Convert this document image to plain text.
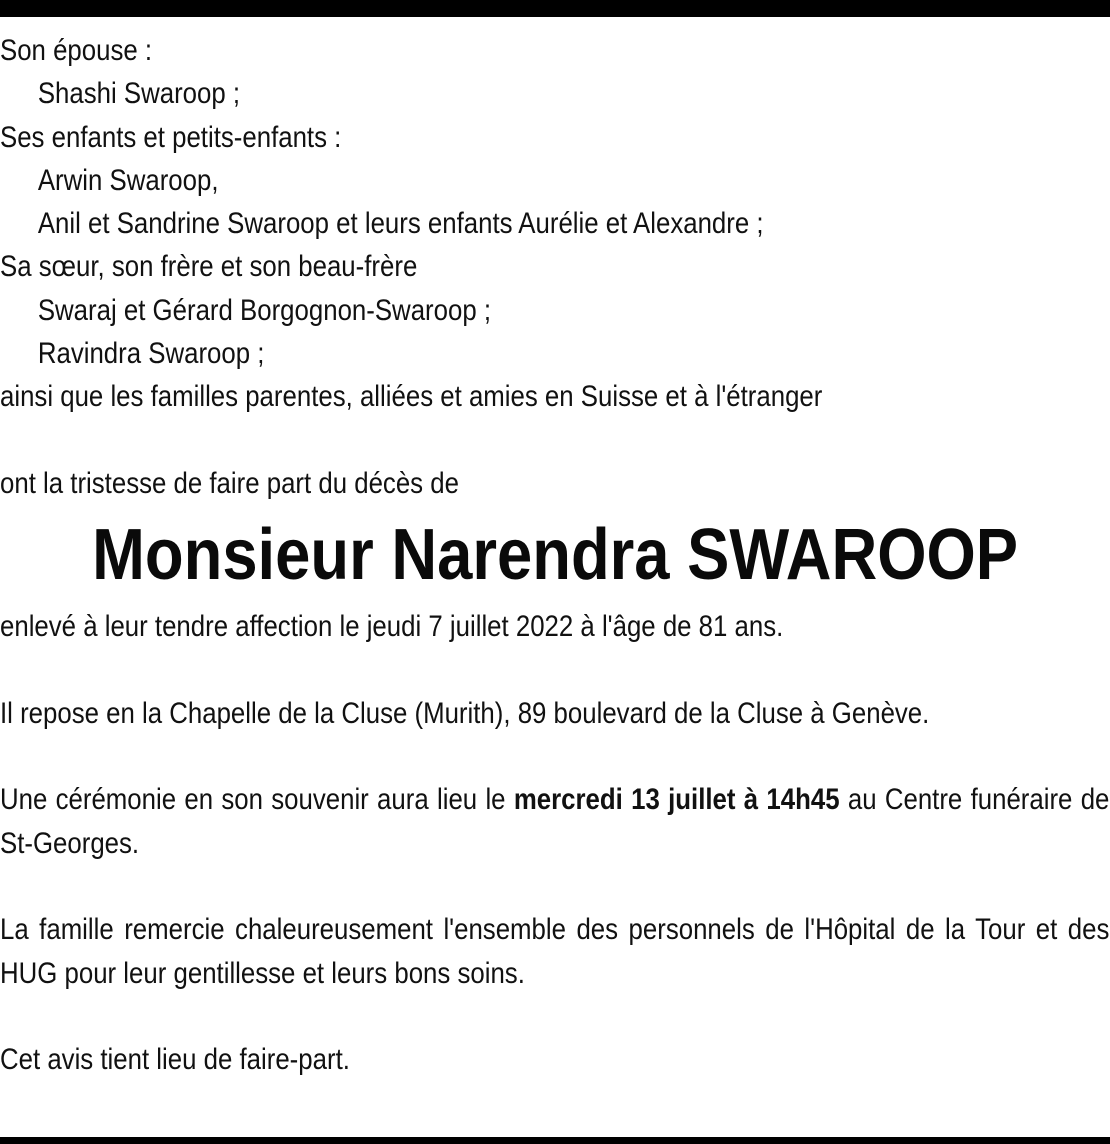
Son épouse :
Shashi Swaroop ;
Ses enfants et petits-enfants :
Arwin Swaroop,
Anil et Sandrine Swaroop et leurs enfants Aurélie et Alexandre ;
Sa sœur, son frère et son beau-frère
Swaraj et Gérard Borgognon-Swaroop ;
Ravindra Swaroop ;
ainsi que les familles parentes, alliées et amies en Suisse et à l'étranger
ont la tristesse de faire part du décès de
Monsieur Narendra SWAROOP
enlevé à leur tendre affection le jeudi 7 juillet 2022 à l'âge de 81 ans.
Il repose en la Chapelle de la Cluse (Murith), 89 boulevard de la Cluse à Genève.
Une cérémonie en son souvenir aura lieu le mercredi 13 juillet à 14h45 au Centre funéraire de St-Georges.
La famille remercie chaleureusement l'ensemble des personnels de l'Hôpital de la Tour et des HUG pour leur gentillesse et leurs bons soins.
Cet avis tient lieu de faire-part.
